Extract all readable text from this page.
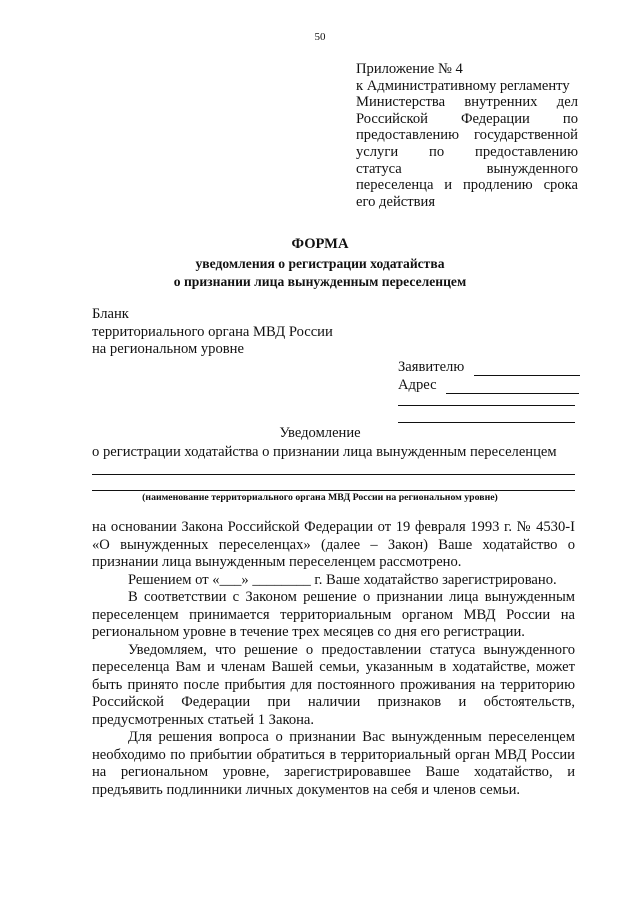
50
Приложение № 4
к Административному регламенту
Министерства внутренних дел
Российской Федерации по
предоставлению государственной
услуги по предоставлению
статуса вынужденного
переселенца и продлению срока
его действия
ФОРМА
уведомления о регистрации ходатайства
о признании лица вынужденным переселенцем
Бланк
территориального органа МВД России
на региональном уровне
Заявителю
Адрес
Уведомление
о регистрации ходатайства о признании лица вынужденным переселенцем
(наименование территориального органа МВД России на региональном уровне)

на основании Закона Российской Федерации от 19 февраля 1993 г. № 4530-I «О вынужденных переселенцах» (далее – Закон) Ваше ходатайство о признании лица вынужденным переселенцем рассмотрено.

Решением от «___» ________ г. Ваше ходатайство зарегистрировано.

В соответствии с Законом решение о признании лица вынужденным переселенцем принимается территориальным органом МВД России на региональном уровне в течение трех месяцев со дня его регистрации.

Уведомляем, что решение о предоставлении статуса вынужденного переселенца Вам и членам Вашей семьи, указанным в ходатайстве, может быть принято после прибытия для постоянного проживания на территорию Российской Федерации при наличии признаков и обстоятельств, предусмотренных статьей 1 Закона.

Для решения вопроса о признании Вас вынужденным переселенцем необходимо по прибытии обратиться в территориальный орган МВД России на региональном уровне, зарегистрировавшее Ваше ходатайство, и предъявить подлинники личных документов на себя и членов семьи.
